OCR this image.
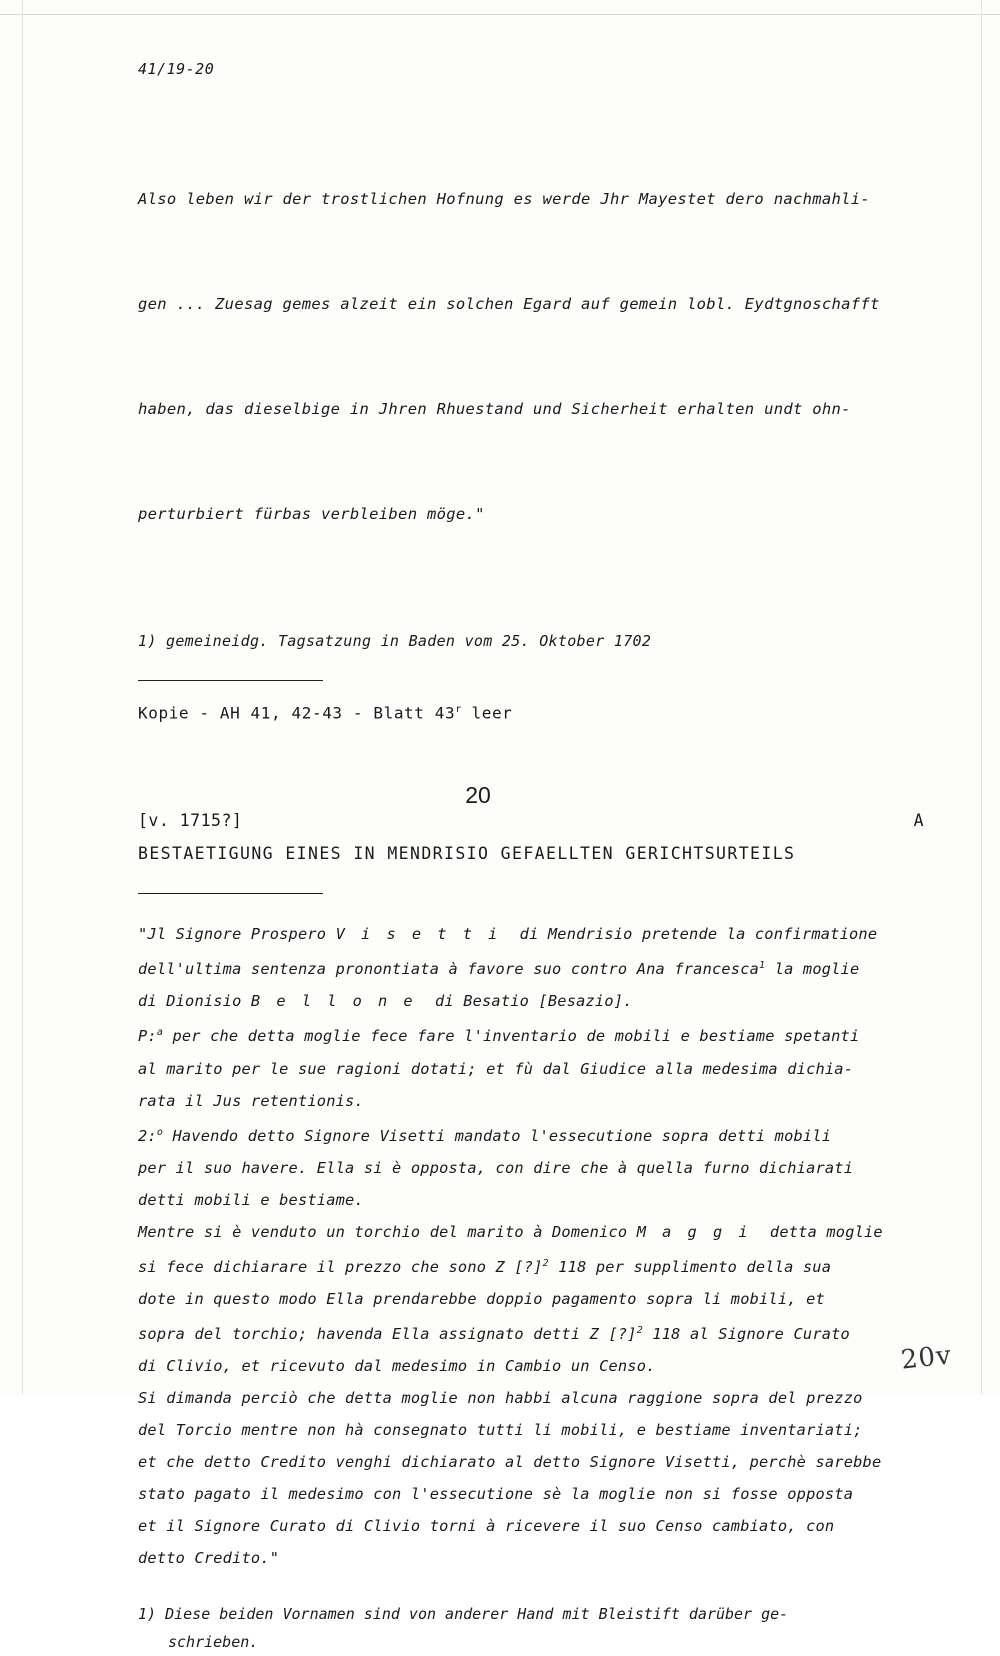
41/19-20

Also leben wir der trostlichen Hofnung es werde Jhr Mayestet dero nachmahli-

gen ... Zuesag gemes alzeit ein solchen Egard auf gemein lobl. Eydtgnoschafft

haben, das dieselbige in Jhren Rhuestand und Sicherheit erhalten undt ohn-

perturbiert fürbas verbleiben möge."

1) gemeineidg. Tagsatzung in Baden vom 25. Oktober 1702
Kopie - AH 41, 42-43 - Blatt 43$^r$ leer
20
[v. 1715?]	A
BESTAETIGUNG EINES IN MENDRISIO GEFAELLTEN GERICHTSURTEILS
"Jl Signore Prospero V i s e t t i  di Mendrisio pretende la confirmatione
dell'ultima sentenza pronontiata à favore suo contro Ana francesca$^1$ la moglie
di Dionisio B e l l o n e  di Besatio [Besazio].
P:$^a$ per che detta moglie fece fare l'inventario de mobili e bestiame spetanti
al marito per le sue ragioni dotati; et fù dal Giudice alla medesima dichia-
rata il Jus retentionis.
2:$^o$ Havendo detto Signore Visetti mandato l'essecutione sopra detti mobili
per il suo havere. Ella si è opposta, con dire che à quella furno dichiarati
detti mobili e bestiame.
Mentre si è venduto un torchio del marito à Domenico M a g g i  detta moglie
si fece dichiarare il prezzo che sono Z [?]$^2$ 118 per supplimento della sua
dote in questo modo Ella prendarebbe doppio pagamento sopra li mobili, et
sopra del torchio; havenda Ella assignato detti Z [?]$^2$ 118 al Signore Curato
di Clivio, et ricevuto dal medesimo in Cambio un Censo.
Si dimanda perciò che detta moglie non habbi alcuna raggione sopra del prezzo
del Torcio mentre non hà consegnato tutti li mobili, e bestiame inventariati;
et che detto Credito venghi dichiarato al detto Signore Visetti, perchè sarebbe
stato pagato il medesimo con l'essecutione sè la moglie non si fosse opposta
et il Signore Curato di Clivio torni à ricevere il suo Censo cambiato, con
detto Credito."
1) Diese beiden Vornamen sind von anderer Hand mit Bleistift darüber ge-
schrieben.
20v
